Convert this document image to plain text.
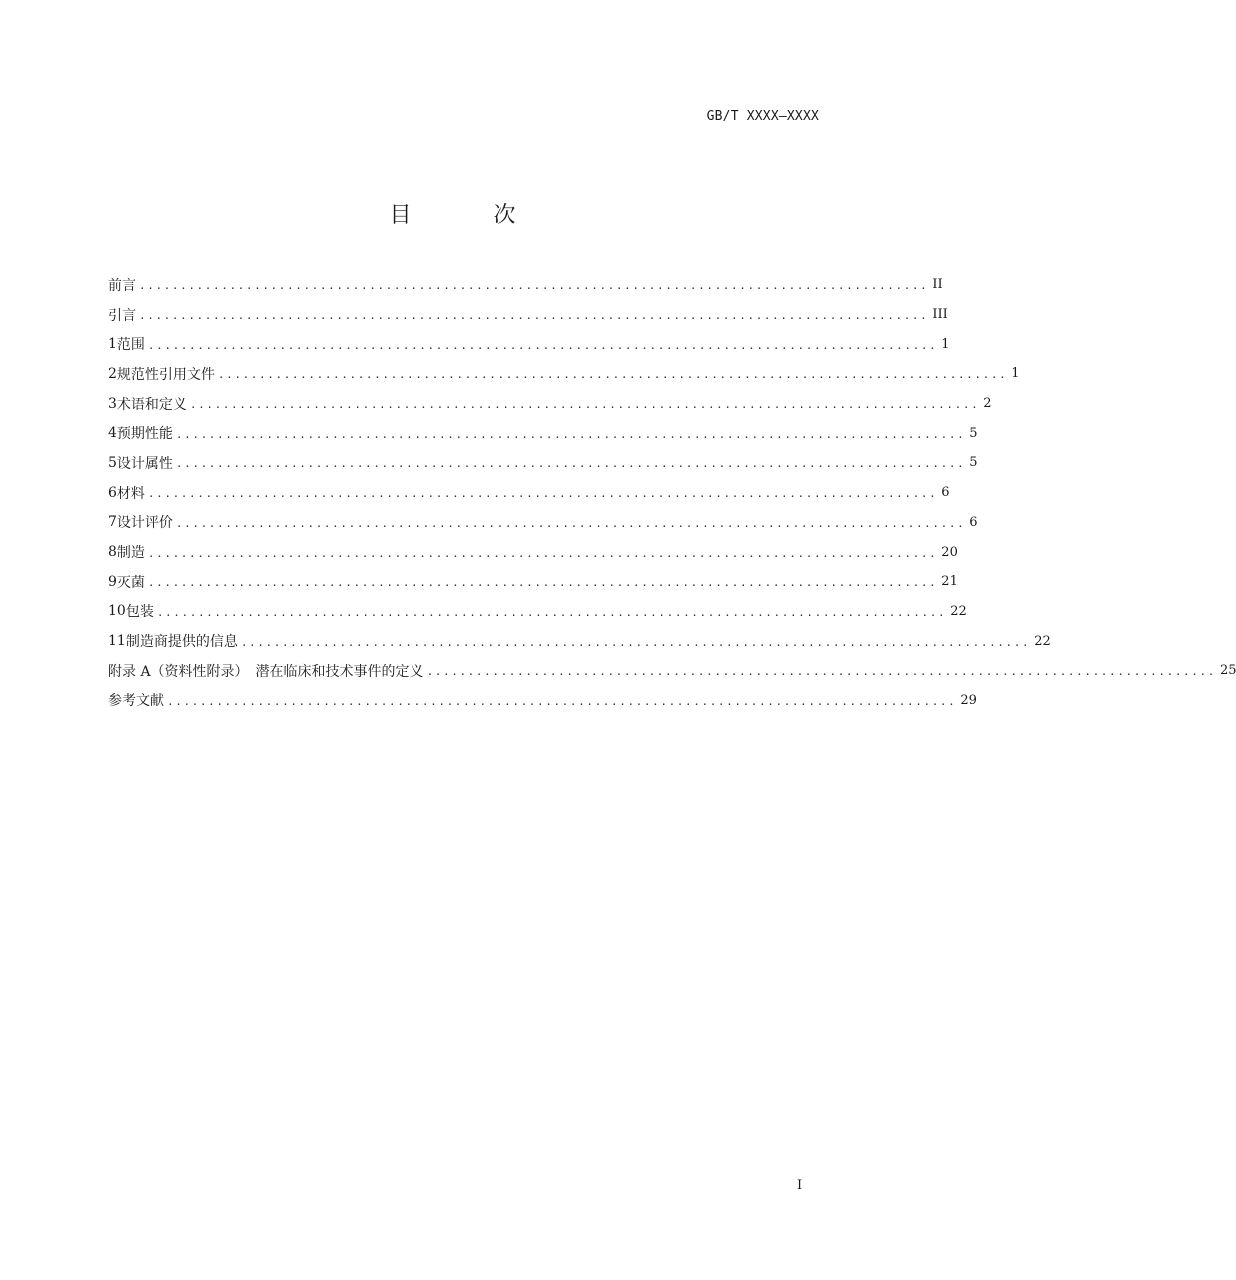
GB/T XXXX—XXXX
目　次
前言 ................................................................................................ II
引言 ................................................................................................ III
1 范围 ................................................................................................ 1
2 规范性引用文件 ................................................................................................ 1
3 术语和定义 ................................................................................................ 2
4 预期性能 ................................................................................................ 5
5 设计属性 ................................................................................................ 5
6 材料 ................................................................................................ 6
7 设计评价 ................................................................................................ 6
8 制造 ................................................................................................ 20
9 灭菌 ................................................................................................ 21
10 包装 ................................................................................................ 22
11 制造商提供的信息 ................................................................................................ 22
附录 A（资料性附录）　潜在临床和技术事件的定义 ................................................................................................ 25
参考文献 ................................................................................................ 29
I
